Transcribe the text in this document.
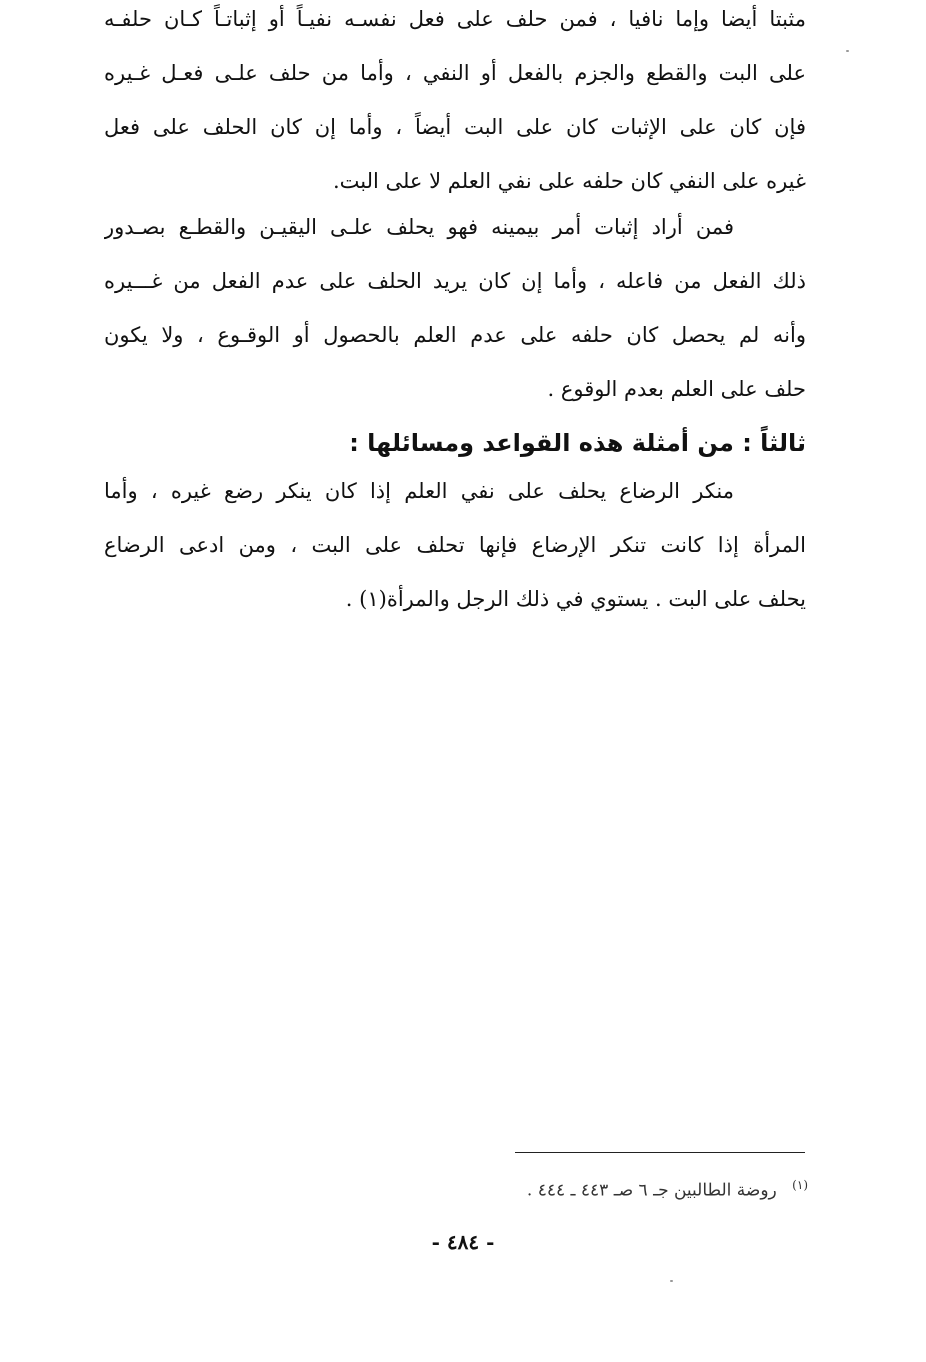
مثبتا أيضا وإما نافيا ، فمن حلف على فعل نفسـه نفيـاً أو إثباتـاً كـان حلفـه
على البت والقطع والجزم بالفعل أو النفي ، وأما من حلف علـى فعـل غـيره
فإن كان على الإثبات كان على البت أيضاً ، وأما إن كان الحلف على فعل
غيره على النفي كان حلفه على نفي العلم لا على البت.
فمن أراد إثبات أمر بيمينه فهو يحلف علـى اليقيـن والقطـع بصـدور
ذلك الفعل من فاعله ، وأما إن كان يريد الحلف على عدم الفعل من غـــيره
وأنه لم يحصل كان حلفه على عدم العلم بالحصول أو الوقـوع ، ولا يكون
حلف على العلم بعدم الوقوع .
ثالثاً : من أمثلة هذه القواعد ومسائلها :
منكر الرضاع يحلف على نفي العلم إذا كان ينكر رضع غيره ، وأما
المرأة إذا كانت تنكر الإرضاع فإنها تحلف على البت ، ومن ادعى الرضاع
يحلف على البت . يستوي في ذلك الرجل والمرأة(١) .
$^{(١)}$ روضة الطالبين جـ ٦ صـ ٤٤٣ ـ ٤٤٤ .
- ٤٨٤ -
